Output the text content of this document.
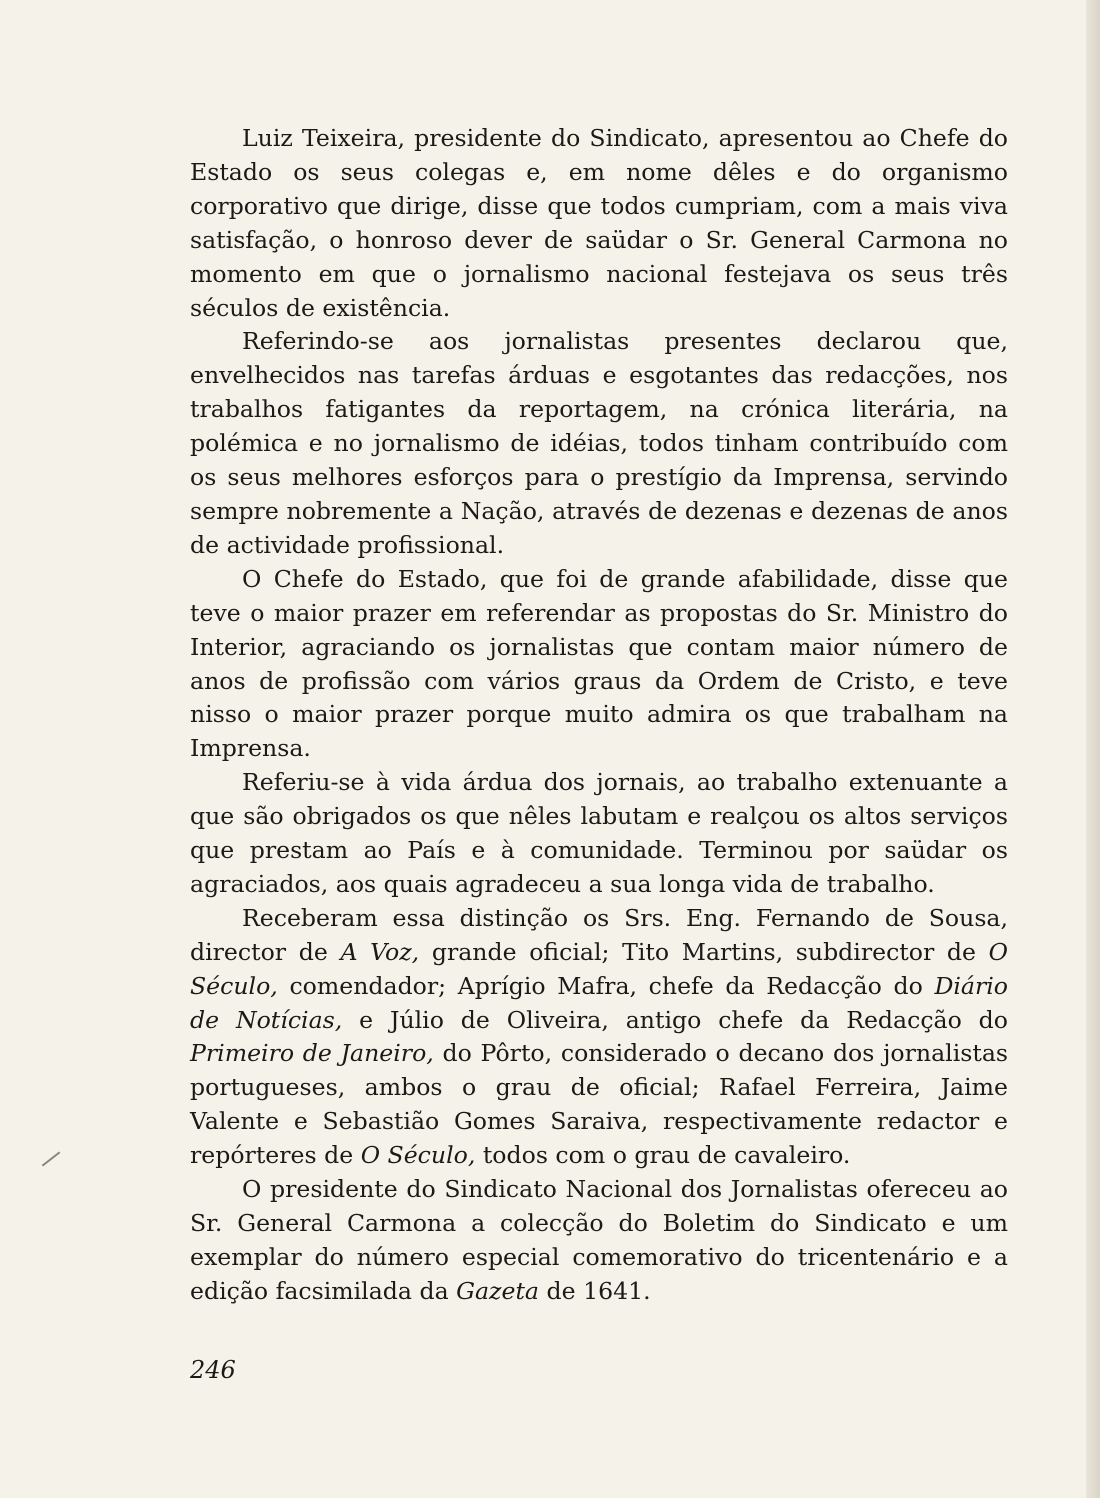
Luiz Teixeira, presidente do Sindicato, apresentou ao Chefe do Estado os seus colegas e, em nome dêles e do organismo corporativo que dirige, disse que todos cumpriam, com a mais viva satisfação, o honroso dever de saüdar o Sr. General Carmona no momento em que o jornalismo nacional festejava os seus três séculos de existência.

Referindo-se aos jornalistas presentes declarou que, envelhecidos nas tarefas árduas e esgotantes das redacções, nos trabalhos fatigantes da reportagem, na crónica literária, na polémica e no jornalismo de idéias, todos tinham contribuído com os seus melhores esforços para o prestígio da Imprensa, servindo sempre nobremente a Nação, através de dezenas e dezenas de anos de actividade profissional.

O Chefe do Estado, que foi de grande afabilidade, disse que teve o maior prazer em referendar as propostas do Sr. Ministro do Interior, agraciando os jornalistas que contam maior número de anos de profissão com vários graus da Ordem de Cristo, e teve nisso o maior prazer porque muito admira os que trabalham na Imprensa.

Referiu-se à vida árdua dos jornais, ao trabalho extenuante a que são obrigados os que nêles labutam e realçou os altos serviços que prestam ao País e à comunidade. Terminou por saüdar os agraciados, aos quais agradeceu a sua longa vida de trabalho.

Receberam essa distinção os Srs. Eng. Fernando de Sousa, director de A Voz, grande oficial; Tito Martins, subdirector de O Século, comendador; Aprígio Mafra, chefe da Redacção do Diário de Notícias, e Júlio de Oliveira, antigo chefe da Redacção do Primeiro de Janeiro, do Pôrto, considerado o decano dos jornalistas portugueses, ambos o grau de oficial; Rafael Ferreira, Jaime Valente e Sebastião Gomes Saraiva, respectivamente redactor e repórteres de O Século, todos com o grau de cavaleiro.

O presidente do Sindicato Nacional dos Jornalistas ofereceu ao Sr. General Carmona a colecção do Boletim do Sindicato e um exemplar do número especial comemorativo do tricentenário e a edição facsimilada da Gazeta de 1641.

246
